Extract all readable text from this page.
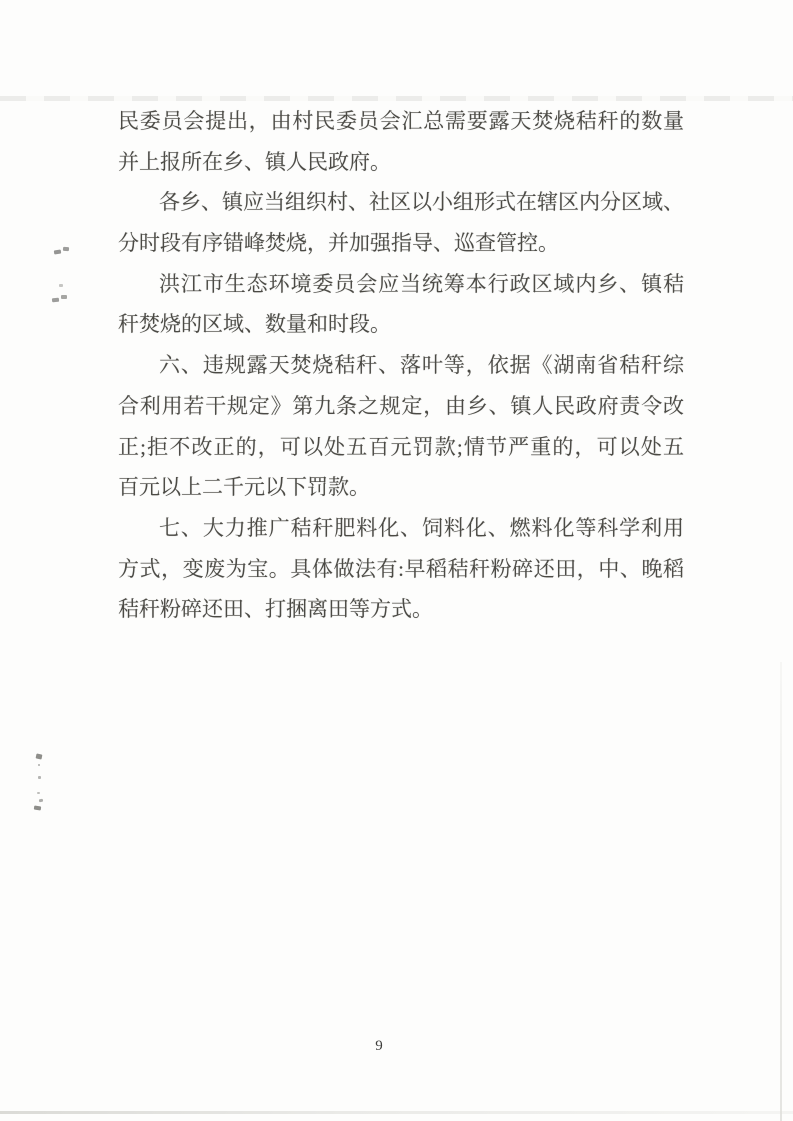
民委员会提出，由村民委员会汇总需要露天焚烧秸秆的数量
并上报所在乡、镇人民政府。
各乡、镇应当组织村、社区以小组形式在辖区内分区域、
分时段有序错峰焚烧，并加强指导、巡查管控。
洪江市生态环境委员会应当统筹本行政区域内乡、镇秸
秆焚烧的区域、数量和时段。
六、违规露天焚烧秸秆、落叶等，依据《湖南省秸秆综
合利用若干规定》第九条之规定，由乡、镇人民政府责令改
正;拒不改正的，可以处五百元罚款;情节严重的，可以处五
百元以上二千元以下罚款。
七、大力推广秸秆肥料化、饲料化、燃料化等科学利用
方式，变废为宝。具体做法有:早稻秸秆粉碎还田，中、晚稻
秸秆粉碎还田、打捆离田等方式。
9
